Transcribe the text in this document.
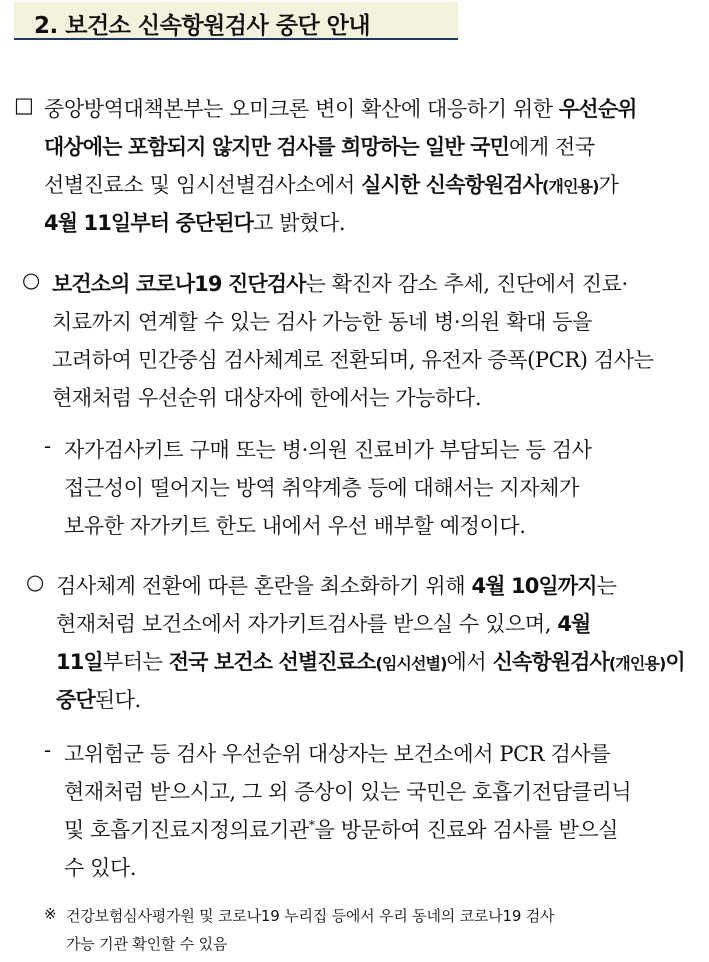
2. 보건소 신속항원검사 중단 안내
□ 중앙방역대책본부는 오미크론 변이 확산에 대응하기 위한 우선순위
대상에는 포함되지 않지만 검사를 희망하는 일반 국민에게 전국
선별진료소 및 임시선별검사소에서 실시한 신속항원검사(개인용)가
4월 11일부터 중단된다고 밝혔다.
○ 보건소의 코로나19 진단검사는 확진자 감소 추세, 진단에서 진료·
치료까지 연계할 수 있는 검사 가능한 동네 병·의원 확대 등을
고려하여 민간중심 검사체계로 전환되며, 유전자 증폭(PCR) 검사는
현재처럼 우선순위 대상자에 한에서는 가능하다.
- 자가검사키트 구매 또는 병·의원 진료비가 부담되는 등 검사
접근성이 떨어지는 방역 취약계층 등에 대해서는 지자체가
보유한 자가키트 한도 내에서 우선 배부할 예정이다.
○ 검사체계 전환에 따른 혼란을 최소화하기 위해 4월 10일까지는
현재처럼 보건소에서 자가키트검사를 받으실 수 있으며, 4월
11일부터는 전국 보건소 선별진료소(임시선별)에서 신속항원검사(개인용)이
중단된다.
- 고위험군 등 검사 우선순위 대상자는 보건소에서 PCR 검사를
현재처럼 받으시고, 그 외 증상이 있는 국민은 호흡기전담클리닉
및 호흡기진료지정의료기관*을 방문하여 진료와 검사를 받으실
수 있다.
※ 건강보험심사평가원 및 코로나19 누리집 등에서 우리 동네의 코로나19 검사
가능 기관 확인할 수 있음
